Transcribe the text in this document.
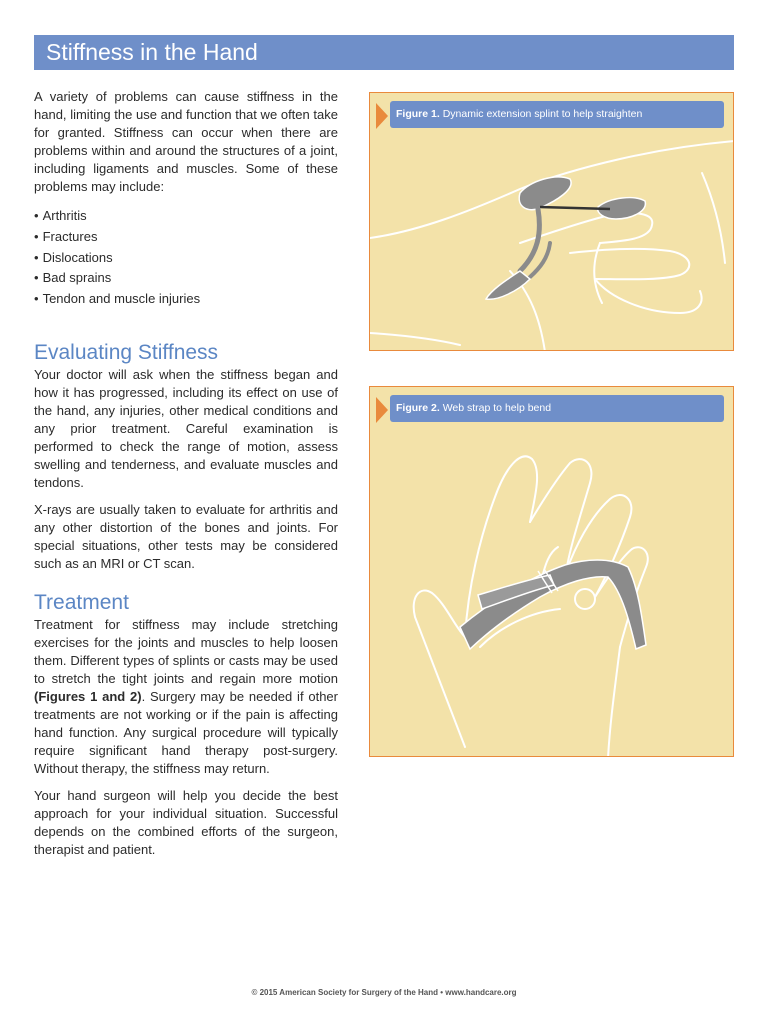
Stiffness in the Hand

A variety of problems can cause stiffness in the hand, limiting the use and function that we often take for granted. Stiffness can occur when there are problems within and around the structures of a joint, including ligaments and muscles. Some of these problems may include:

• Arthritis
• Fractures
• Dislocations
• Bad sprains
• Tendon and muscle injuries
Evaluating Stiffness

Your doctor will ask when the stiffness began and how it has progressed, including its effect on use of the hand, any injuries, other medical conditions and any prior treatment. Careful examination is performed to check the range of motion, assess swelling and tenderness, and evaluate muscles and tendons.

X-rays are usually taken to evaluate for arthritis and any other distortion of the bones and joints. For special situations, other tests may be considered such as an MRI or CT scan.

Treatment

Treatment for stiffness may include stretching exercises for the joints and muscles to help loosen them. Different types of splints or casts may be used to stretch the tight joints and regain more motion (Figures 1 and 2). Surgery may be needed if other treatments are not working or if the pain is affecting hand function. Any surgical procedure will typically require significant hand therapy post-surgery. Without therapy, the stiffness may return.

Your hand surgeon will help you decide the best approach for your individual situation. Successful depends on the combined efforts of the surgeon, therapist and patient.

Figure 1. Dynamic extension splint to help straighten
Figure 2. Web strap to help bend
© 2015 American Society for Surgery of the Hand • www.handcare.org
